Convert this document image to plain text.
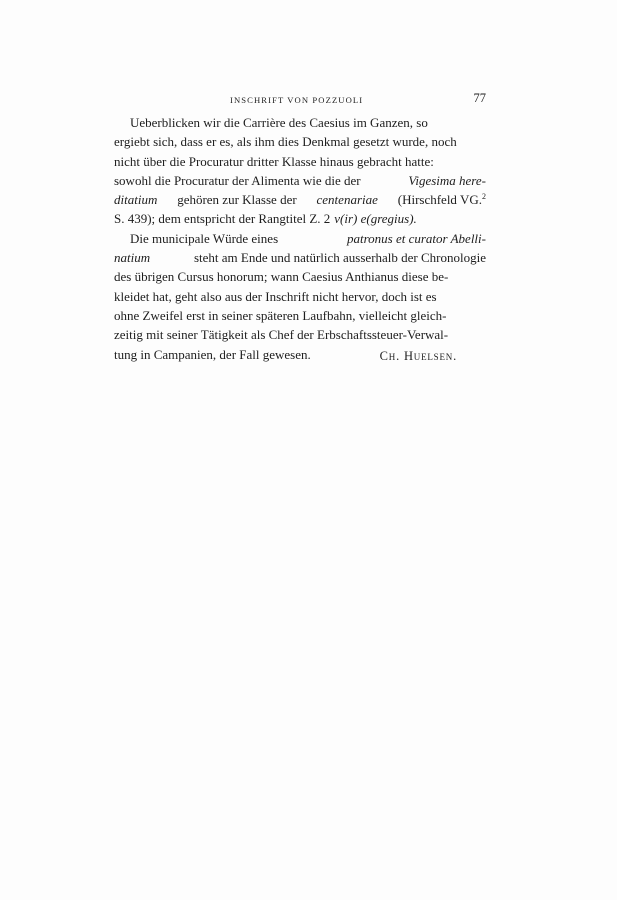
INSCHRIFT VON POZZUOLI	77
Ueberblicken wir die Carrière des Caesius im Ganzen, so
ergiebt sich, dass er es, als ihm dies Denkmal gesetzt wurde, noch
nicht über die Procuratur dritter Klasse hinaus gebracht hatte:
sowohl die Procuratur der Alimenta wie die der	Vigesima here-
ditatium gehören zur Klasse der centenariae (Hirschfeld VG.2
S. 439); dem entspricht der Rangtitel Z. 2 v(ir) e(gregius).
Die municipale Würde eines	patronus et curator Abelli-
natium	steht am Ende und natürlich ausserhalb der Chronologie
des übrigen Cursus honorum; wann Caesius Anthianus diese be-
kleidet hat, geht also aus der Inschrift nicht hervor, doch ist es
ohne Zweifel erst in seiner späteren Laufbahn, vielleicht gleich-
zeitig mit seiner Tätigkeit als Chef der Erbschaftssteuer-Verwal-
tung in Campanien, der Fall gewesen.	Ch. Huelsen.
